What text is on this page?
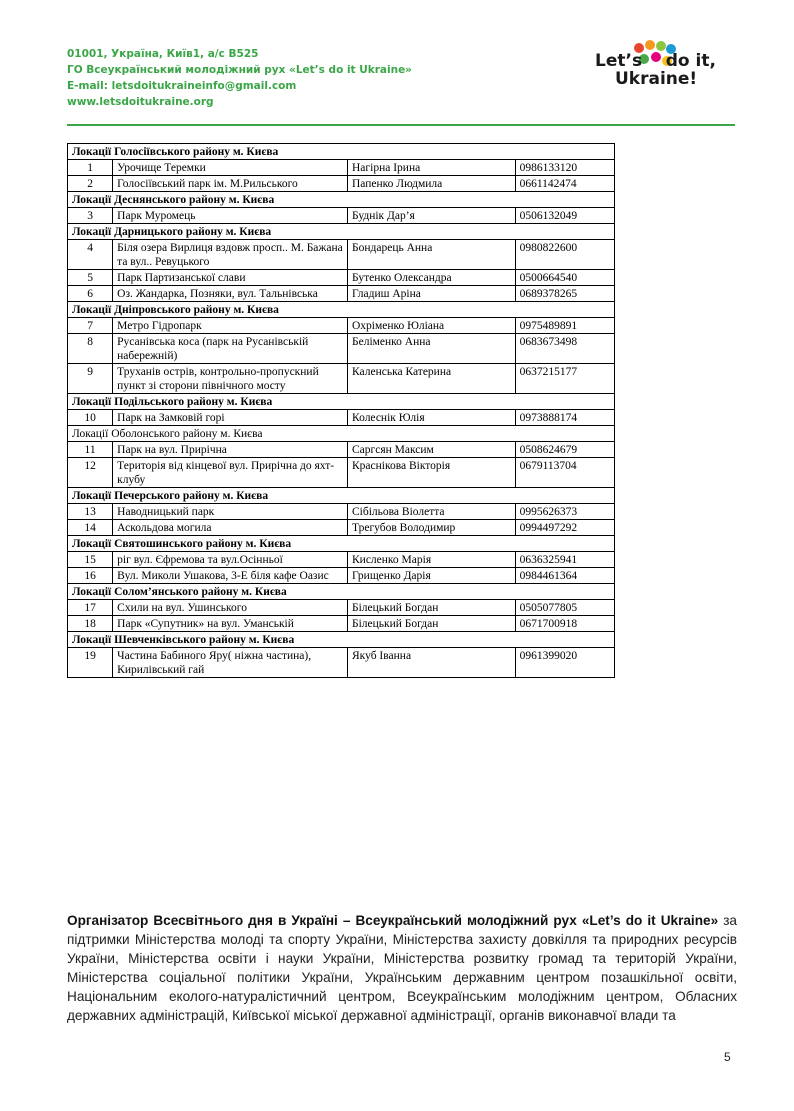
01001, Україна, Київ1, а/с В525
ГО Всеукраїнський молодіжний рух «Let’s do it Ukraine»
E-mail: letsdoitukraineinfo@gmail.com
www.letsdoitukraine.org
Let’s    do it,
Ukraine!
Локації Голосіївського району м. Києва			
1	Урочище Теремки	Нагірна Ірина	0986133120
2	Голосіївський парк ім. М.Рильського	Папенко Людмила	0661142474
Локації Деснянського району м. Києва			
3	Парк Муромець	Буднік Дар’я	0506132049
Локації Дарницького району м. Києва			
4	Біля озера Вирлиця вздовж просп.. М. Бажана та вул.. Ревуцького	Бондарець Анна	0980822600
5	Парк Партизанської слави	Бутенко Олександра	0500664540
6	Оз. Жандарка, Позняки, вул. Тальнівська	Гладиш Аріна	0689378265
Локації Дніпровського району м. Києва			
7	Метро Гідропарк	Охріменко Юліана	0975489891
8	Русанівська коса (парк на Русанівській набережній)	Беліменко Анна	0683673498
9	Труханів острів, контрольно-пропускний пункт зі сторони північного мосту	Каленська Катерина	0637215177
Локації Подільського району м. Києва			
10	Парк на Замковій горі	Колеснік Юлія	0973888174
Локації Оболонського району м. Києва			
11	Парк на вул. Прирічна	Саргсян Максим	0508624679
12	Територія від кінцевої вул. Прирічна до яхт-клубу	Краснікова Вікторія	0679113704
Локації Печерського району м. Києва			
13	Наводницький парк	Сібільова Віолетта	0995626373
14	Аскольдова могила	Трегубов Володимир	0994497292
Локації Святошинського району м. Києва			
15	ріг вул. Єфремова та вул.Осінньої	Кисленко Марія	0636325941
16	Вул. Миколи Ушакова, 3-Е біля кафе Оазис	Грищенко Дарія	0984461364
Локації Солом’янського району м. Києва			
17	Схили на вул. Ушинського	Білецький Богдан	0505077805
18	Парк «Супутник» на вул. Уманській	Білецький Богдан	0671700918
Локації Шевченківського району м. Києва			
19	Частина Бабиного Яру( ніжна частина), Кирилівський гай	Якуб Іванна	0961399020
Організатор Всесвітнього дня в Україні – Всеукраїнський молодіжний рух «Let’s do it Ukraine» за підтримки Міністерства молоді та спорту України, Міністерства захисту довкілля та природних ресурсів України, Міністерства освіти і науки України, Міністерства розвитку громад та територій України, Міністерства соціальної політики України, Українським державним центром позашкільної освіти, Національним еколого-натуралістичний центром, Всеукраїнським молодіжним центром, Обласних державних адміністрацій, Київської міської державної адміністрації, органів виконавчої влади та
5
